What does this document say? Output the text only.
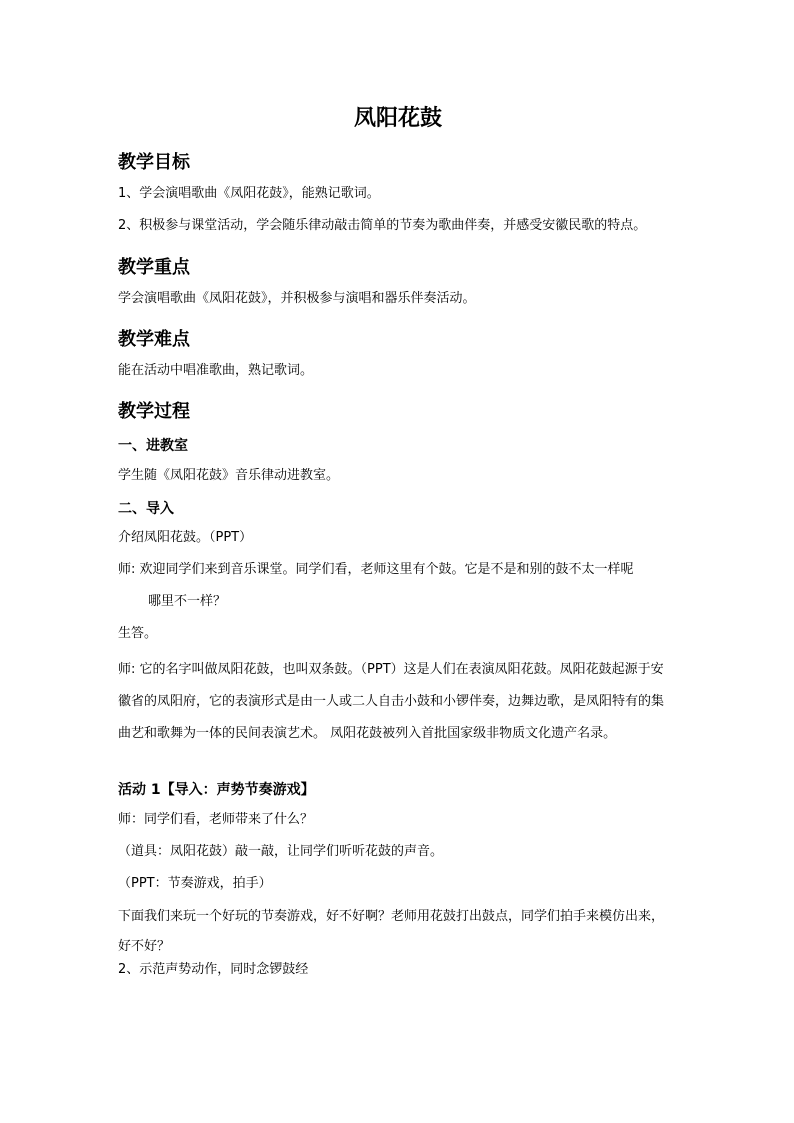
凤阳花鼓
教学目标

1、学会演唱歌曲《凤阳花鼓》，能熟记歌词。

2、积极参与课堂活动，学会随乐律动敲击简单的节奏为歌曲伴奏，并感受安徽民歌的特点。

教学重点

学会演唱歌曲《凤阳花鼓》，并积极参与演唱和器乐伴奏活动。

教学难点

能在活动中唱准歌曲，熟记歌词。

教学过程
一、进教室

学生随《凤阳花鼓》音乐律动进教室。

二、导入

介绍凤阳花鼓。（PPT）

师: 欢迎同学们来到音乐课堂。同学们看，老师这里有个鼓。它是不是和别的鼓不太一样呢

哪里不一样？

生答。

师: 它的名字叫做凤阳花鼓，也叫双条鼓。（PPT）这是人们在表演凤阳花鼓。凤阳花鼓起源于安徽省的凤阳府，它的表演形式是由一人或二人自击小鼓和小锣伴奏，边舞边歌，是凤阳特有的集曲艺和歌舞为一体的民间表演艺术。 凤阳花鼓被列入首批国家级非物质文化遗产名录。

活动 1【导入：声势节奏游戏】

师：同学们看，老师带来了什么？

（道具：凤阳花鼓）敲一敲，让同学们听听花鼓的声音。

（PPT：节奏游戏，拍手）

下面我们来玩一个好玩的节奏游戏，好不好啊？老师用花鼓打出鼓点，同学们拍手来模仿出来，好不好？

2、示范声势动作，同时念锣鼓经
